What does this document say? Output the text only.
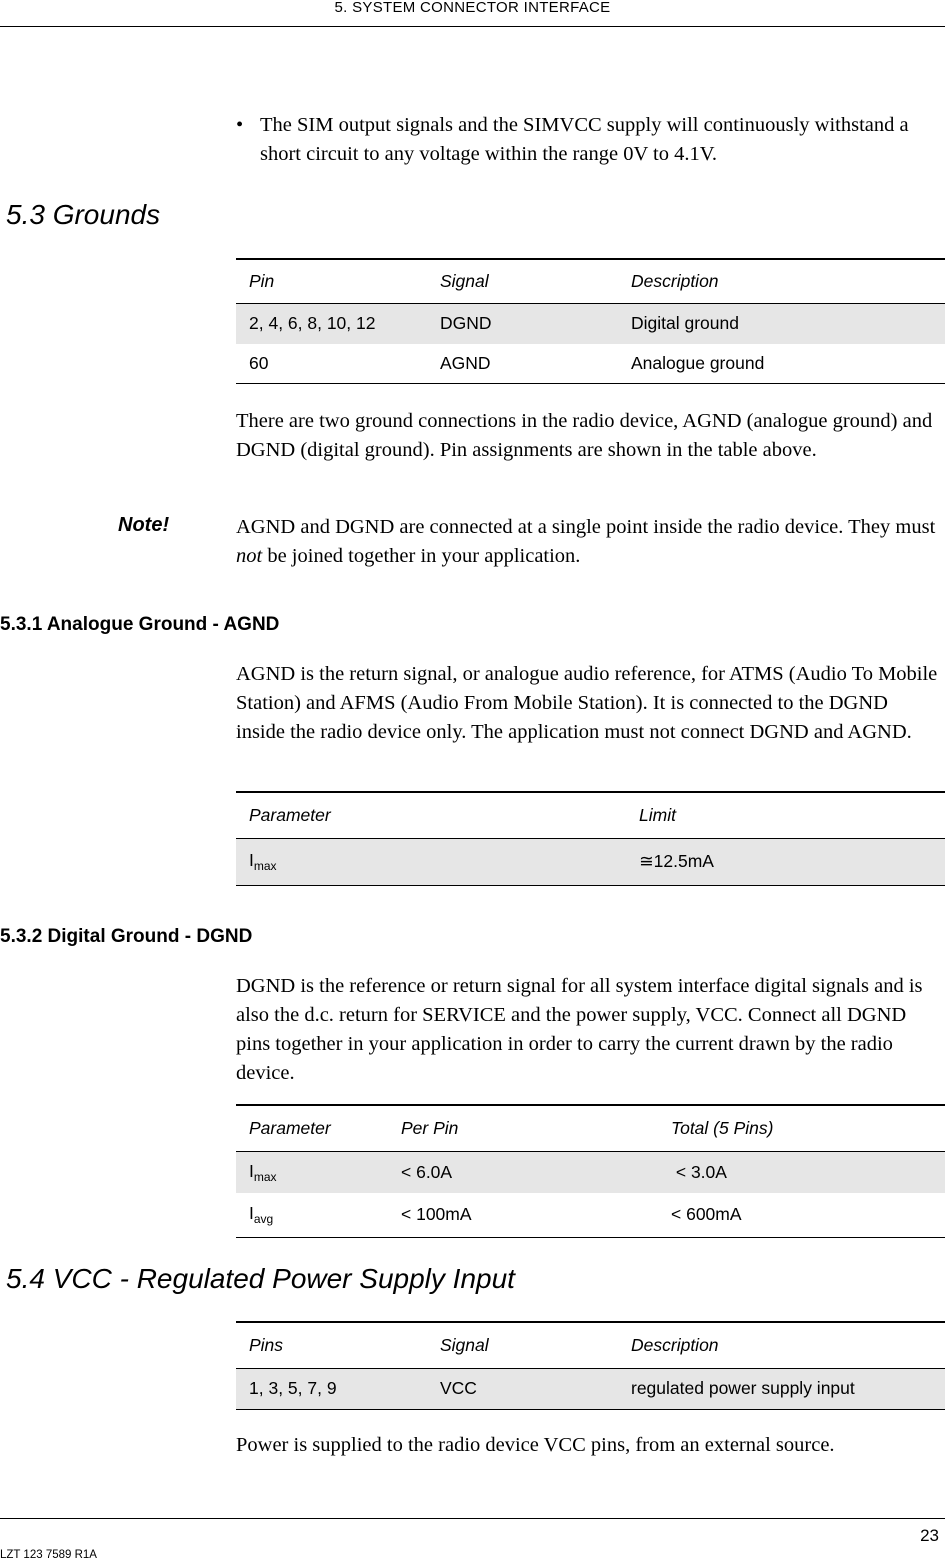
5. SYSTEM CONNECTOR INTERFACE
• The SIM output signals and the SIMVCC supply will continuously withstand a short circuit to any voltage within the range 0V to 4.1V.
5.3 Grounds
Pin	Signal	Description
2, 4, 6, 8, 10, 12	DGND	Digital ground
60	AGND	Analogue ground
There are two ground connections in the radio device, AGND (analogue ground) and DGND (digital ground). Pin assignments are shown in the table above.
Note!	AGND and DGND are connected at a single point inside the radio device. They must not be joined together in your application.
5.3.1 Analogue Ground - AGND
AGND is the return signal, or analogue audio reference, for ATMS (Audio To Mobile Station) and AFMS (Audio From Mobile Station). It is connected to the DGND inside the radio device only. The application must not connect DGND and AGND.
Parameter	Limit
$I_{max}$	≅12.5mA
5.3.2 Digital Ground - DGND
DGND is the reference or return signal for all system interface digital signals and is also the d.c. return for SERVICE and the power supply, VCC. Connect all DGND pins together in your application in order to carry the current drawn by the radio device.
Parameter	Per Pin	Total (5 Pins)
$I_{max}$	< 6.0A	< 3.0A
$I_{avg}$	< 100mA	< 600mA
5.4 VCC - Regulated Power Supply Input
Pins	Signal	Description
1, 3, 5, 7, 9	VCC	regulated power supply input
Power is supplied to the radio device VCC pins, from an external source.
23
LZT 123 7589 R1A
